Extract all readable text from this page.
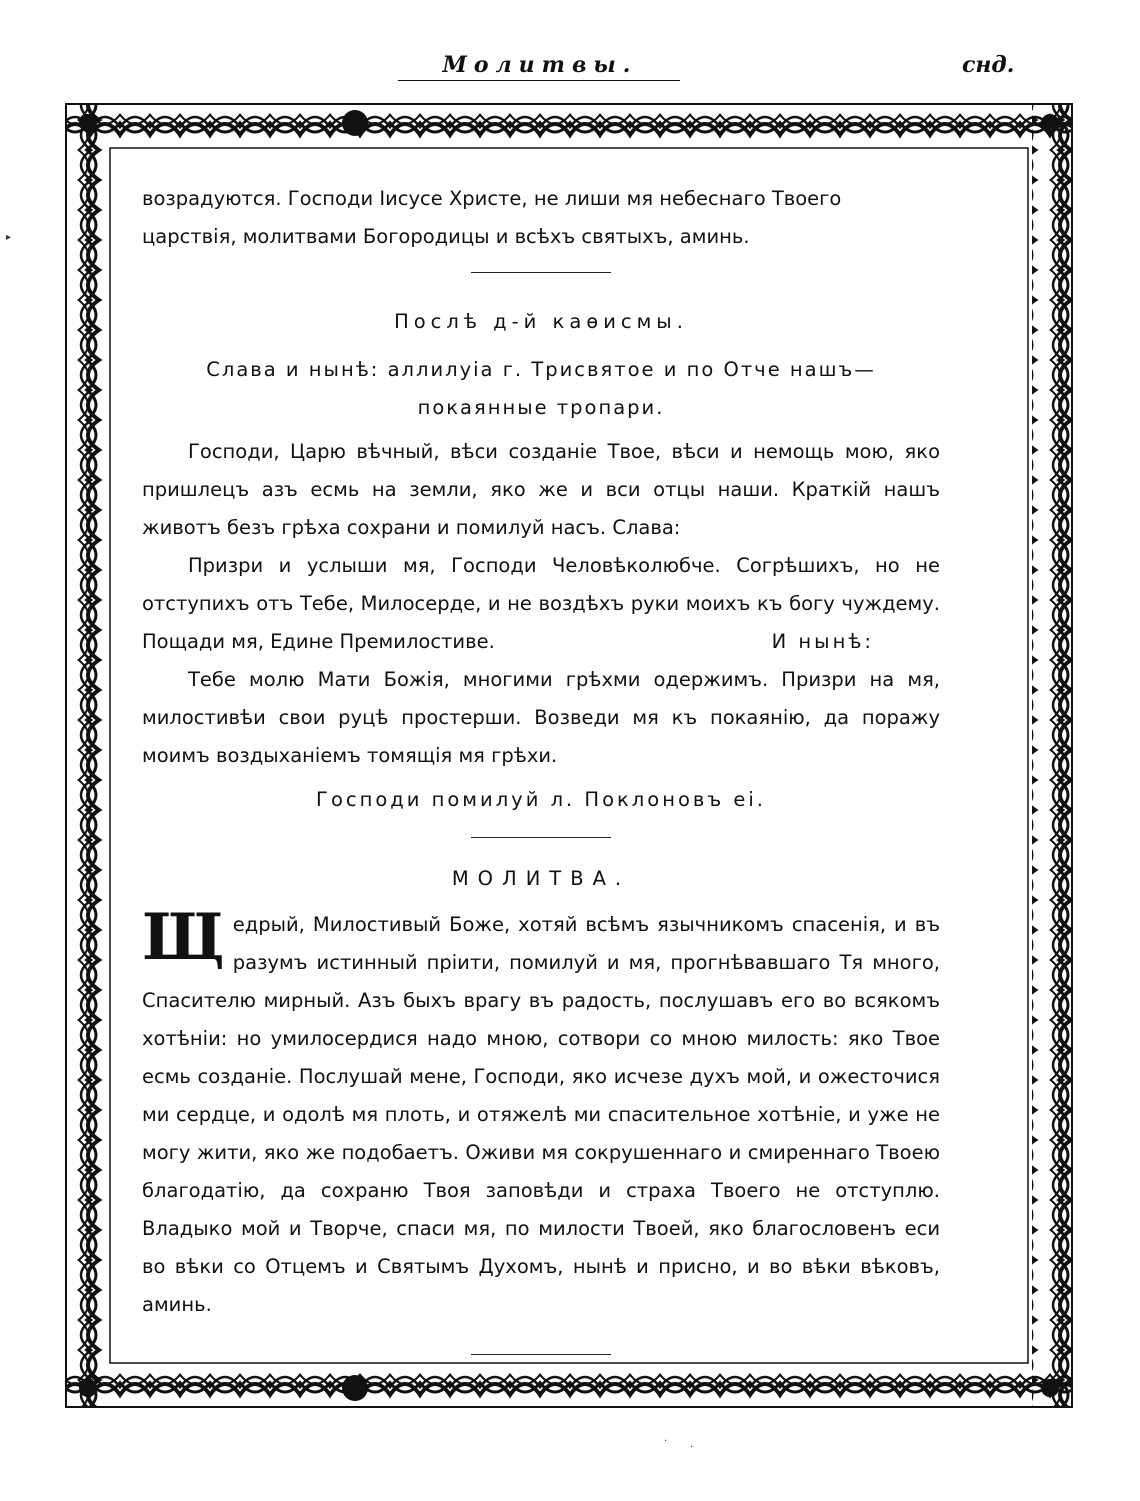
Молитвы.	снд.

возрадуются. Господи Іисусе Христе, не лиши мя небеснаго Твоего

царствія, молитвами Богородицы и всѣхъ святыхъ, аминь.

Послѣ д-й каѳисмы.

Слава и нынѣ: аллилуіа г. Трисвятое и по Отче нашъ—

покаянные тропари.

Господи, Царю вѣчный, вѣси созданіе Твое, вѣси и немощь мою, яко пришлецъ азъ есмь на земли, яко же и вси отцы наши. Краткій нашъ животъ безъ грѣха сохрани и помилуй насъ. Слава:

Призри и услыши мя, Господи Человѣколюбче. Согрѣшихъ, но не отступихъ отъ Тебе, Милосерде, и не воздѣхъ руки моихъ къ богу чуждему. Пощади мя, Едине Премилостиве.	И нынѣ:

Тебе молю Мати Божія, многими грѣхми одержимъ. Призри на мя, милостивѣи свои руцѣ простерши. Возведи мя къ покаянію, да поражу моимъ воздыханіемъ томящія мя грѣхи.

Господи помилуй л. Поклоновъ еі.

МОЛИТВА.

Щ едрый, Милостивый Боже, хотяй всѣмъ язычникомъ спасенія, и въ разумъ истинный пріити, помилуй и мя, прогнѣвавшаго Тя много, Спасителю мирный. Азъ быхъ врагу въ радость, послушавъ его во всякомъ хотѣніи: но умилосердися надо мною, сотвори со мною милость: яко Твое есмь созданіе. Послушай мене, Господи, яко исчезе духъ мой, и ожесточися ми сердце, и одолѣ мя плоть, и отяжелѣ ми спасительное хотѣніе, и уже не могу жити, яко же подобаетъ. Оживи мя сокрушеннаго и смиреннаго Твоею благодатію, да сохраню Твоя заповѣди и страха Твоего не отступлю. Владыко мой и Творче, спаси мя, по милости Твоей, яко благословенъ еси во вѣки со Отцемъ и Святымъ Духомъ, нынѣ и присно, и во вѣки вѣковъ, аминь.

▸
·
·
